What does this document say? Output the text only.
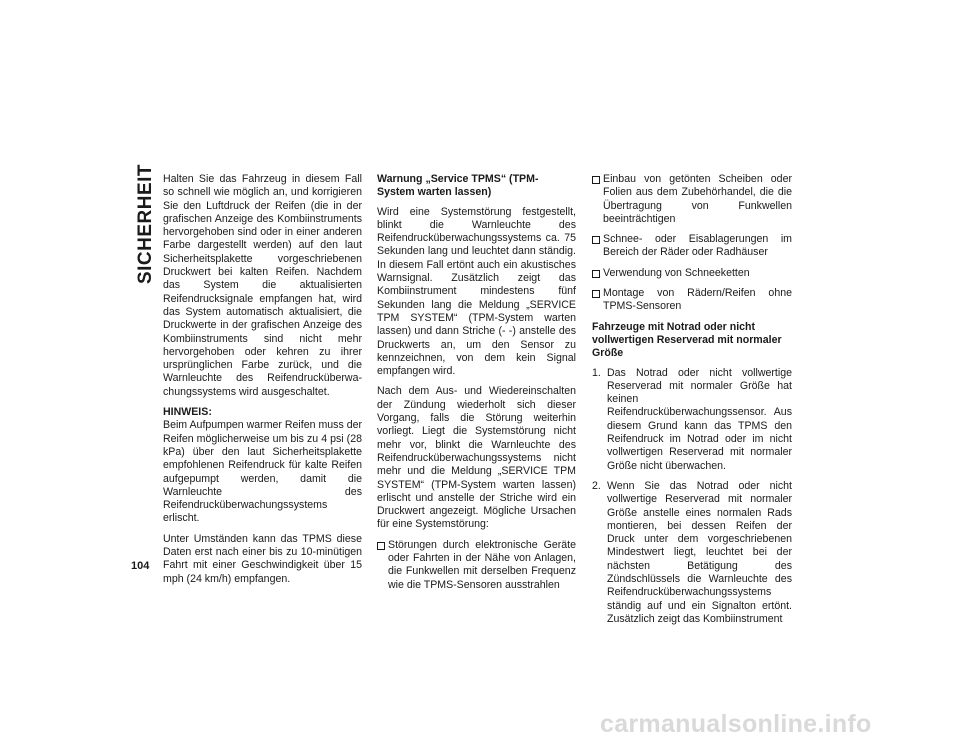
SICHERHEIT Halten Sie das Fahrzeug in diesem Fall so schnell wie möglich an, und korrigieren Sie den Luftdruck der Reifen (die in der grafischen Anzeige des Kombiinstruments hervorgehoben sind oder in einer anderen Farbe dargestellt werden) auf den laut Sicherheitsplakette vorgeschriebenen Druckwert bei kalten Reifen. Nachdem das System die aktualisierten Reifendrucksignale empfangen hat, wird das System automatisch aktualisiert, die Druckwerte in der grafischen Anzeige des Kombiinstruments sind nicht mehr hervorgehoben oder kehren zu ihrer ursprünglichen Farbe zurück, und die Warnleuchte des Reifendrucküberwachungssystems wird ausgeschaltet.

HINWEIS:

Beim Aufpumpen warmer Reifen muss der Reifen möglicherweise um bis zu 4 psi (28 kPa) über den laut Sicherheitsplakette empfohlenen Reifendruck für kalte Reifen aufgepumpt werden, damit die Warnleuchte des Reifendrucküberwachungssystems erlischt.

Unter Umständen kann das TPMS diese Daten erst nach einer bis zu 10-minütigen Fahrt mit einer Geschwindigkeit über 15 mph (24 km/h) empfangen.

Warnung „Service TPMS“ (TPM-System warten lassen)

Wird eine Systemstörung festgestellt, blinkt die Warnleuchte des Reifendrucküberwachungssystems ca. 75 Sekunden lang und leuchtet dann ständig. In diesem Fall ertönt auch ein akustisches Warnsignal. Zusätzlich zeigt das Kombiinstrument mindestens fünf Sekunden lang die Meldung „SERVICE TPM SYSTEM“ (TPM-System warten lassen) und dann Striche (- -) anstelle des Druckwerts an, um den Sensor zu kennzeichnen, von dem kein Signal empfangen wird.

Nach dem Aus- und Wiedereinschalten der Zündung wiederholt sich dieser Vorgang, falls die Störung weiterhin vorliegt. Liegt die Systemstörung nicht mehr vor, blinkt die Warnleuchte des Reifendrucküberwachungssystems nicht mehr und die Meldung „SERVICE TPM SYSTEM“ (TPM-System warten lassen) erlischt und anstelle der Striche wird ein Druckwert angezeigt. Mögliche Ursachen für eine Systemstörung:

Störungen durch elektronische Geräte oder Fahrten in der Nähe von Anlagen, die Funkwellen mit derselben Frequenz wie die TPMS-Sensoren ausstrahlen
Einbau von getönten Scheiben oder Folien aus dem Zubehörhandel, die die Übertragung von Funkwellen beeinträchtigen
Schnee- oder Eisablagerungen im Bereich der Räder oder Radhäuser
Verwendung von Schneeketten
Montage von Rädern/Reifen ohne TPMS-Sensoren

Fahrzeuge mit Notrad oder nicht vollwertigen Reserverad mit normaler Größe

1. Das Notrad oder nicht vollwertige Reserverad mit normaler Größe hat keinen Reifendrucküberwachungssensor. Aus diesem Grund kann das TPMS den Reifendruck im Notrad oder im nicht vollwertigen Reserverad mit normaler Größe nicht überwachen.
2. Wenn Sie das Notrad oder nicht vollwertige Reserverad mit normaler Größe anstelle eines normalen Rads montieren, bei dessen Reifen der Druck unter dem vorgeschriebenen Mindestwert liegt, leuchtet bei der nächsten Betätigung des Zündschlüssels die Warnleuchte des Reifendrucküberwachungssystems ständig auf und ein Signalton ertönt. Zusätzlich zeigt das Kombiinstrument
104
carmanualsonline.info
